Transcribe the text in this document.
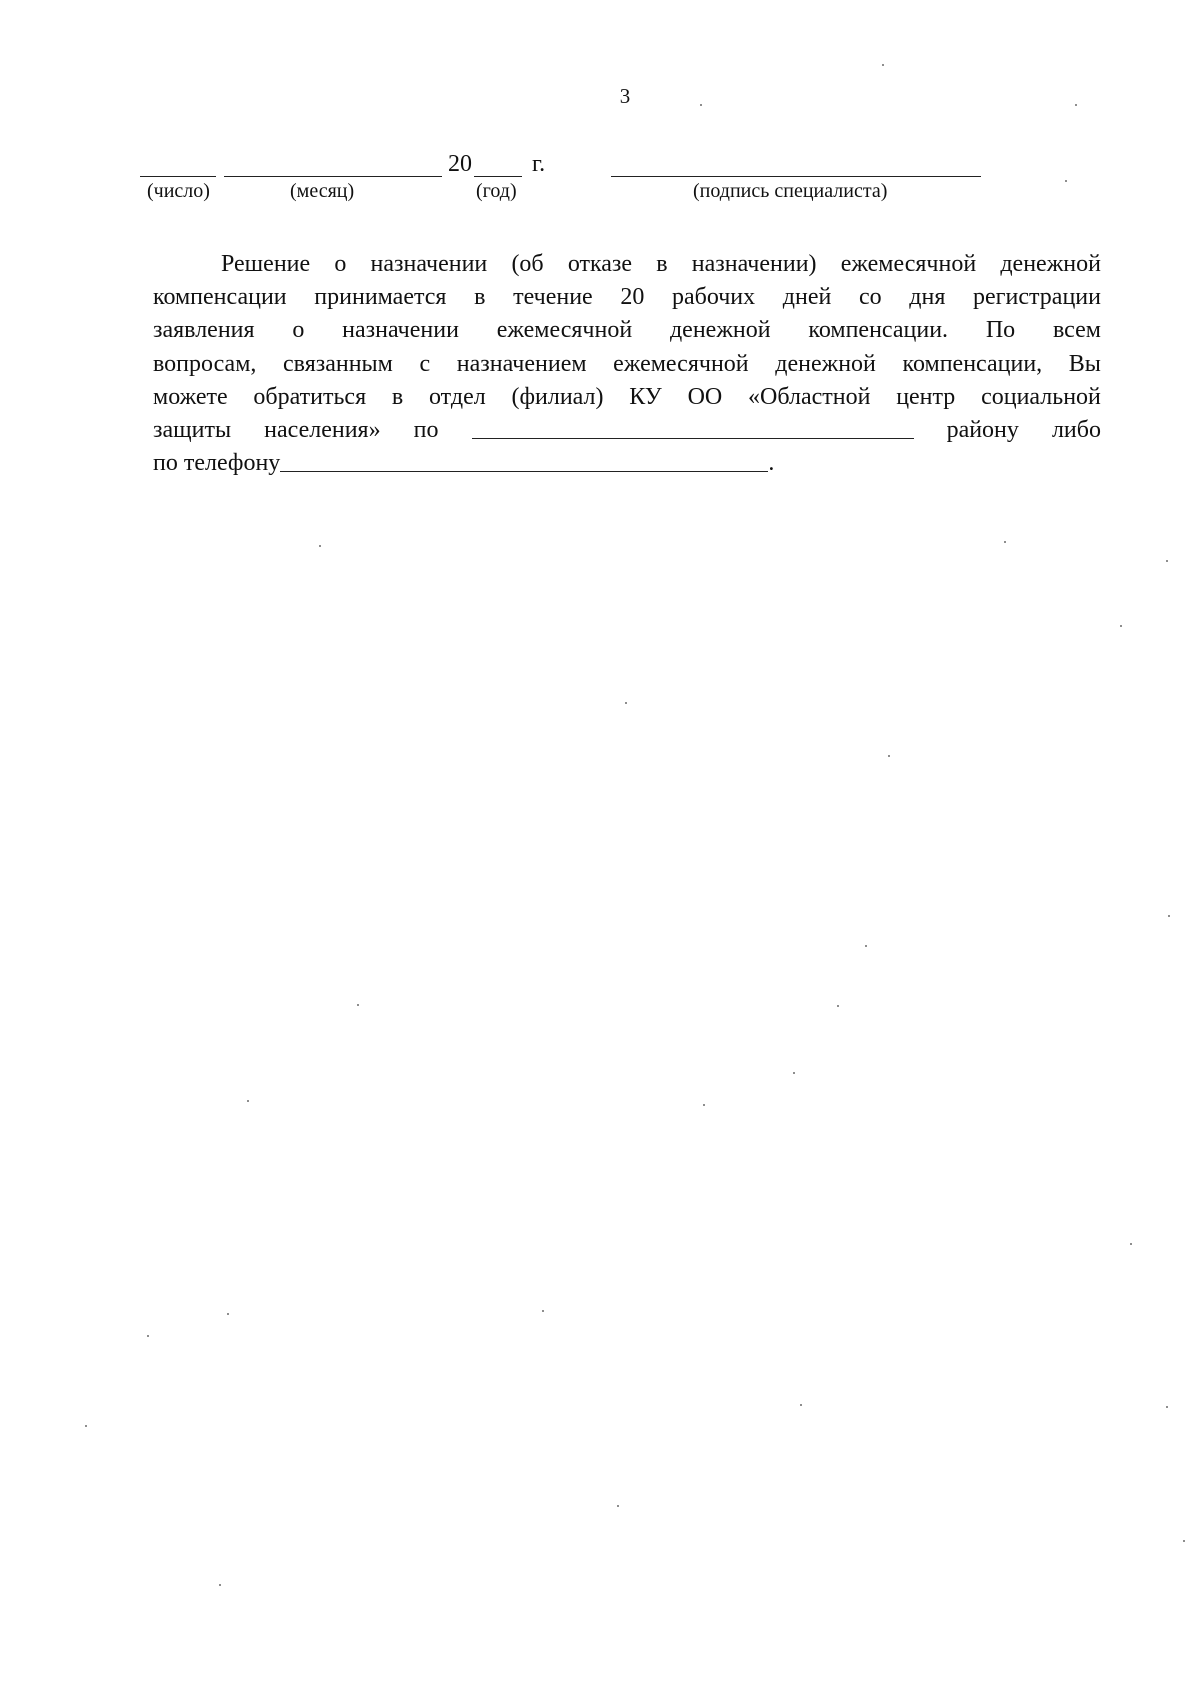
3
20	г.
(число)	(месяц)	(год)	(подпись специалиста)
Решение о назначении (об отказе в назначении) ежемесячной денежной
компенсации принимается в течение 20 рабочих дней со дня регистрации
заявления о назначении ежемесячной денежной компенсации. По всем
вопросам, связанным с назначением ежемесячной денежной компенсации, Вы
можете обратиться в отдел (филиал) КУ ОО «Областной центр социальной
защиты населения» по	району либо
по телефону	.
